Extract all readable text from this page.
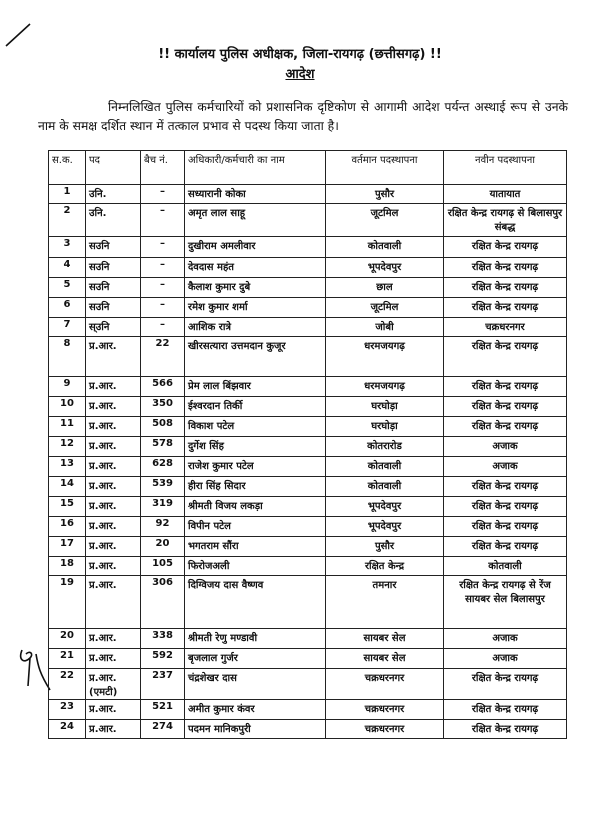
!! कार्यालय पुलिस अधीक्षक, जिला-रायगढ़ (छत्तीसगढ़) !!
आदेश
निम्नलिखित पुलिस कर्मचारियों को प्रशासनिक दृष्टिकोण से आगामी आदेश पर्यन्त अस्थाई रूप से उनके नाम के समक्ष दर्शित स्थान में तत्काल प्रभाव से पदस्थ किया जाता है।
स.क.	पद	बैच नं.	अधिकारी/कर्मचारी का नाम	वर्तमान पदस्थापना	नवीन पदस्थापना
1	उनि.	–	सध्यारानी कोका	पुसौर	यातायात
2	उनि.	–	अमृत लाल साहू	जूटमिल	रक्षित केन्द्र रायगढ़ से बिलासपुर संबद्ध
3	सउनि	–	दुखीराम अमलीवार	कोतवाली	रक्षित केन्द्र रायगढ़
4	सउनि	–	देवदास महंत	भूपदेवपुर	रक्षित केन्द्र रायगढ़
5	सउनि	–	कैलाश कुमार दुबे	छाल	रक्षित केन्द्र रायगढ़
6	सउनि	–	रमेश कुमार शर्मा	जूटमिल	रक्षित केन्द्र रायगढ़
7	स्उनि	–	आशिक रात्रे	जोबी	चक्रधरनगर
8	प्र.आर.	22	खीरसत्यारा उत्तमदान कुजूर	धरमजयगढ़	रक्षित केन्द्र रायगढ़
9	प्र.आर.	566	प्रेम लाल बिंझवार	धरमजयगढ़	रक्षित केन्द्र रायगढ़
10	प्र.आर.	350	ईश्वरदान तिर्की	घरघोड़ा	रक्षित केन्द्र रायगढ़
11	प्र.आर.	508	विकाश पटेल	घरघोड़ा	रक्षित केन्द्र रायगढ़
12	प्र.आर.	578	दुर्गेश सिंह	कोतरारोड	अजाक
13	प्र.आर.	628	राजेश कुमार पटेल	कोतवाली	अजाक
14	प्र.आर.	539	हीरा सिंह सिदार	कोतवाली	रक्षित केन्द्र रायगढ़
15	प्र.आर.	319	श्रीमती विजय लकड़ा	भूपदेवपुर	रक्षित केन्द्र रायगढ़
16	प्र.आर.	92	विपीन पटेल	भूपदेवपुर	रक्षित केन्द्र रायगढ़
17	प्र.आर.	20	भगतराम सौंरा	पुसौर	रक्षित केन्द्र रायगढ़
18	प्र.आर.	105	फिरोजअली	रक्षित केन्द्र	कोतवाली
19	प्र.आर.	306	दिग्विजय दास वैष्णव	तमनार	रक्षित केन्द्र रायगढ़ से रेंज सायबर सेल बिलासपुर
20	प्र.आर.	338	श्रीमती रेणु मण्डावी	सायबर सेल	अजाक
21	प्र.आर.	592	बृजलाल गुर्जर	सायबर सेल	अजाक
22	प्र.आर. (एमटी)	237	चंद्रशेखर दास	चक्रधरनगर	रक्षित केन्द्र रायगढ़
23	प्र.आर.	521	अमीत कुमार कंवर	चक्रधरनगर	रक्षित केन्द्र रायगढ़
24	प्र.आर.	274	पदमन मानिकपुरी	चक्रधरनगर	रक्षित केन्द्र रायगढ़
